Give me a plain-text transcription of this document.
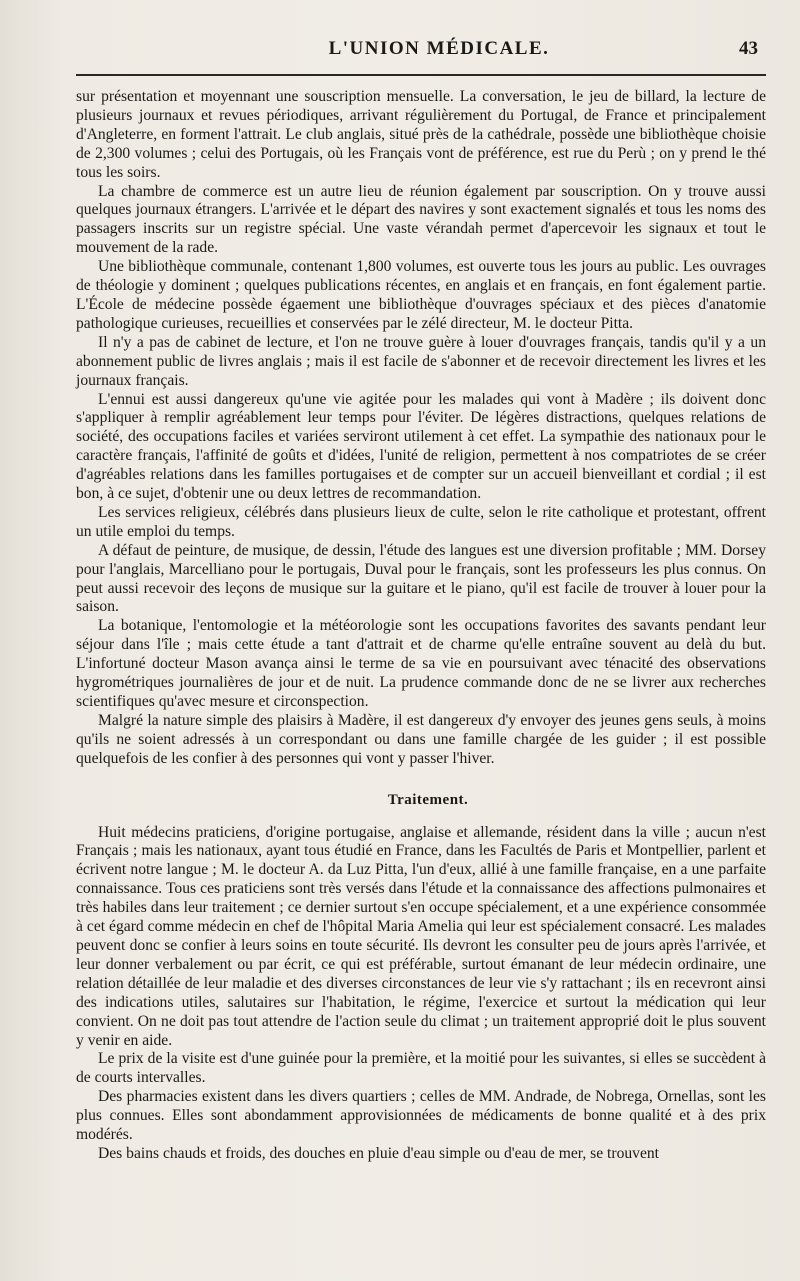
L'UNION MÉDICALE.	43

sur présentation et moyennant une souscription mensuelle. La conversation, le jeu de billard, la lecture de plusieurs journaux et revues périodiques, arrivant régulièrement du Portugal, de France et principalement d'Angleterre, en forment l'attrait. Le club anglais, situé près de la cathédrale, possède une bibliothèque choisie de 2,300 volumes ; celui des Portugais, où les Français vont de préférence, est rue du Perù ; on y prend le thé tous les soirs.

La chambre de commerce est un autre lieu de réunion également par souscription. On y trouve aussi quelques journaux étrangers. L'arrivée et le départ des navires y sont exactement signalés et tous les noms des passagers inscrits sur un registre spécial. Une vaste vérandah permet d'apercevoir les signaux et tout le mouvement de la rade.

Une bibliothèque communale, contenant 1,800 volumes, est ouverte tous les jours au public. Les ouvrages de théologie y dominent ; quelques publications récentes, en anglais et en français, en font également partie. L'École de médecine possède égaement une bibliothèque d'ouvrages spéciaux et des pièces d'anatomie pathologique curieuses, recueillies et conservées par le zélé directeur, M. le docteur Pitta.

Il n'y a pas de cabinet de lecture, et l'on ne trouve guère à louer d'ouvrages français, tandis qu'il y a un abonnement public de livres anglais ; mais il est facile de s'abonner et de recevoir directement les livres et les journaux français.

L'ennui est aussi dangereux qu'une vie agitée pour les malades qui vont à Madère ; ils doivent donc s'appliquer à remplir agréablement leur temps pour l'éviter. De légères distractions, quelques relations de société, des occupations faciles et variées serviront utilement à cet effet. La sympathie des nationaux pour le caractère français, l'affinité de goûts et d'idées, l'unité de religion, permettent à nos compatriotes de se créer d'agréables relations dans les familles portugaises et de compter sur un accueil bienveillant et cordial ; il est bon, à ce sujet, d'obtenir une ou deux lettres de recommandation.

Les services religieux, célébrés dans plusieurs lieux de culte, selon le rite catholique et protestant, offrent un utile emploi du temps.

A défaut de peinture, de musique, de dessin, l'étude des langues est une diversion profitable ; MM. Dorsey pour l'anglais, Marcelliano pour le portugais, Duval pour le français, sont les professeurs les plus connus. On peut aussi recevoir des leçons de musique sur la guitare et le piano, qu'il est facile de trouver à louer pour la saison.

La botanique, l'entomologie et la météorologie sont les occupations favorites des savants pendant leur séjour dans l'île ; mais cette étude a tant d'attrait et de charme qu'elle entraîne souvent au delà du but. L'infortuné docteur Mason avança ainsi le terme de sa vie en poursuivant avec ténacité des observations hygrométriques journalières de jour et de nuit. La prudence commande donc de ne se livrer aux recherches scientifiques qu'avec mesure et circonspection.

Malgré la nature simple des plaisirs à Madère, il est dangereux d'y envoyer des jeunes gens seuls, à moins qu'ils ne soient adressés à un correspondant ou dans une famille chargée de les guider ; il est possible quelquefois de les confier à des personnes qui vont y passer l'hiver.

Traitement.

Huit médecins praticiens, d'origine portugaise, anglaise et allemande, résident dans la ville ; aucun n'est Français ; mais les nationaux, ayant tous étudié en France, dans les Facultés de Paris et Montpellier, parlent et écrivent notre langue ; M. le docteur A. da Luz Pitta, l'un d'eux, allié à une famille française, en a une parfaite connaissance. Tous ces praticiens sont très versés dans l'étude et la connaissance des affections pulmonaires et très habiles dans leur traitement ; ce dernier surtout s'en occupe spécialement, et a une expérience consommée à cet égard comme médecin en chef de l'hôpital Maria Amelia qui leur est spécialement consacré. Les malades peuvent donc se confier à leurs soins en toute sécurité. Ils devront les consulter peu de jours après l'arrivée, et leur donner verbalement ou par écrit, ce qui est préférable, surtout émanant de leur médecin ordinaire, une relation détaillée de leur maladie et des diverses circonstances de leur vie s'y rattachant ; ils en recevront ainsi des indications utiles, salutaires sur l'habitation, le régime, l'exercice et surtout la médication qui leur convient. On ne doit pas tout attendre de l'action seule du climat ; un traitement approprié doit le plus souvent y venir en aide.

Le prix de la visite est d'une guinée pour la première, et la moitié pour les suivantes, si elles se succèdent à de courts intervalles.

Des pharmacies existent dans les divers quartiers ; celles de MM. Andrade, de Nobrega, Ornellas, sont les plus connues. Elles sont abondamment approvisionnées de médicaments de bonne qualité et à des prix modérés.

Des bains chauds et froids, des douches en pluie d'eau simple ou d'eau de mer, se trouvent
